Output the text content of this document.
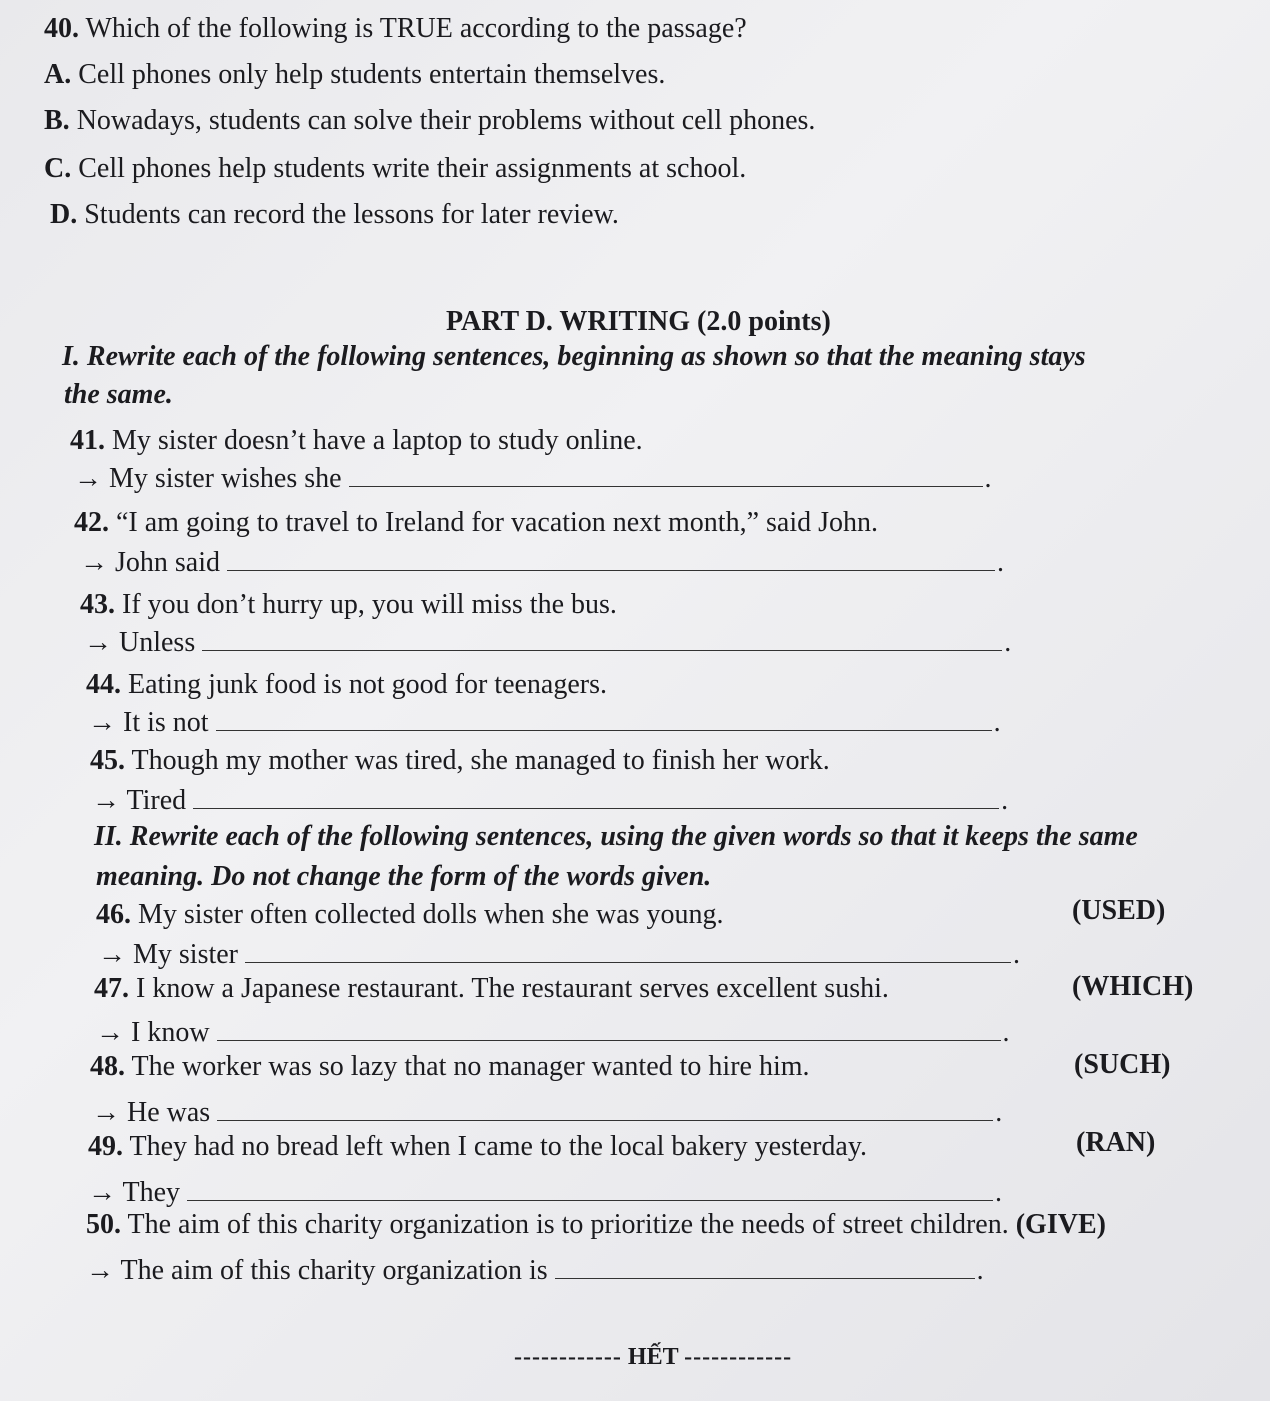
40. Which of the following is TRUE according to the passage?
A. Cell phones only help students entertain themselves.
B. Nowadays, students can solve their problems without cell phones.
C. Cell phones help students write their assignments at school.
D. Students can record the lessons for later review.
PART D. WRITING (2.0 points)
I. Rewrite each of the following sentences, beginning as shown so that the meaning stays
the same.
41. My sister doesn’t have a laptop to study online.
→ My sister wishes she	.
42. “I am going to travel to Ireland for vacation next month,” said John.
→ John said	.
43. If you don’t hurry up, you will miss the bus.
→ Unless	.
44. Eating junk food is not good for teenagers.
→ It is not	.
45. Though my mother was tired, she managed to finish her work.
→ Tired	.
II. Rewrite each of the following sentences, using the given words so that it keeps the same
meaning. Do not change the form of the words given.
46. My sister often collected dolls when she was young.	(USED)
→ My sister	.
47. I know a Japanese restaurant. The restaurant serves excellent sushi.	(WHICH)
→ I know	.
48. The worker was so lazy that no manager wanted to hire him.	(SUCH)
→ He was	.
49. They had no bread left when I came to the local bakery yesterday.	(RAN)
→ They	.
50. The aim of this charity organization is to prioritize the needs of street children. (GIVE)
→ The aim of this charity organization is	.
------------ HẾT ------------
